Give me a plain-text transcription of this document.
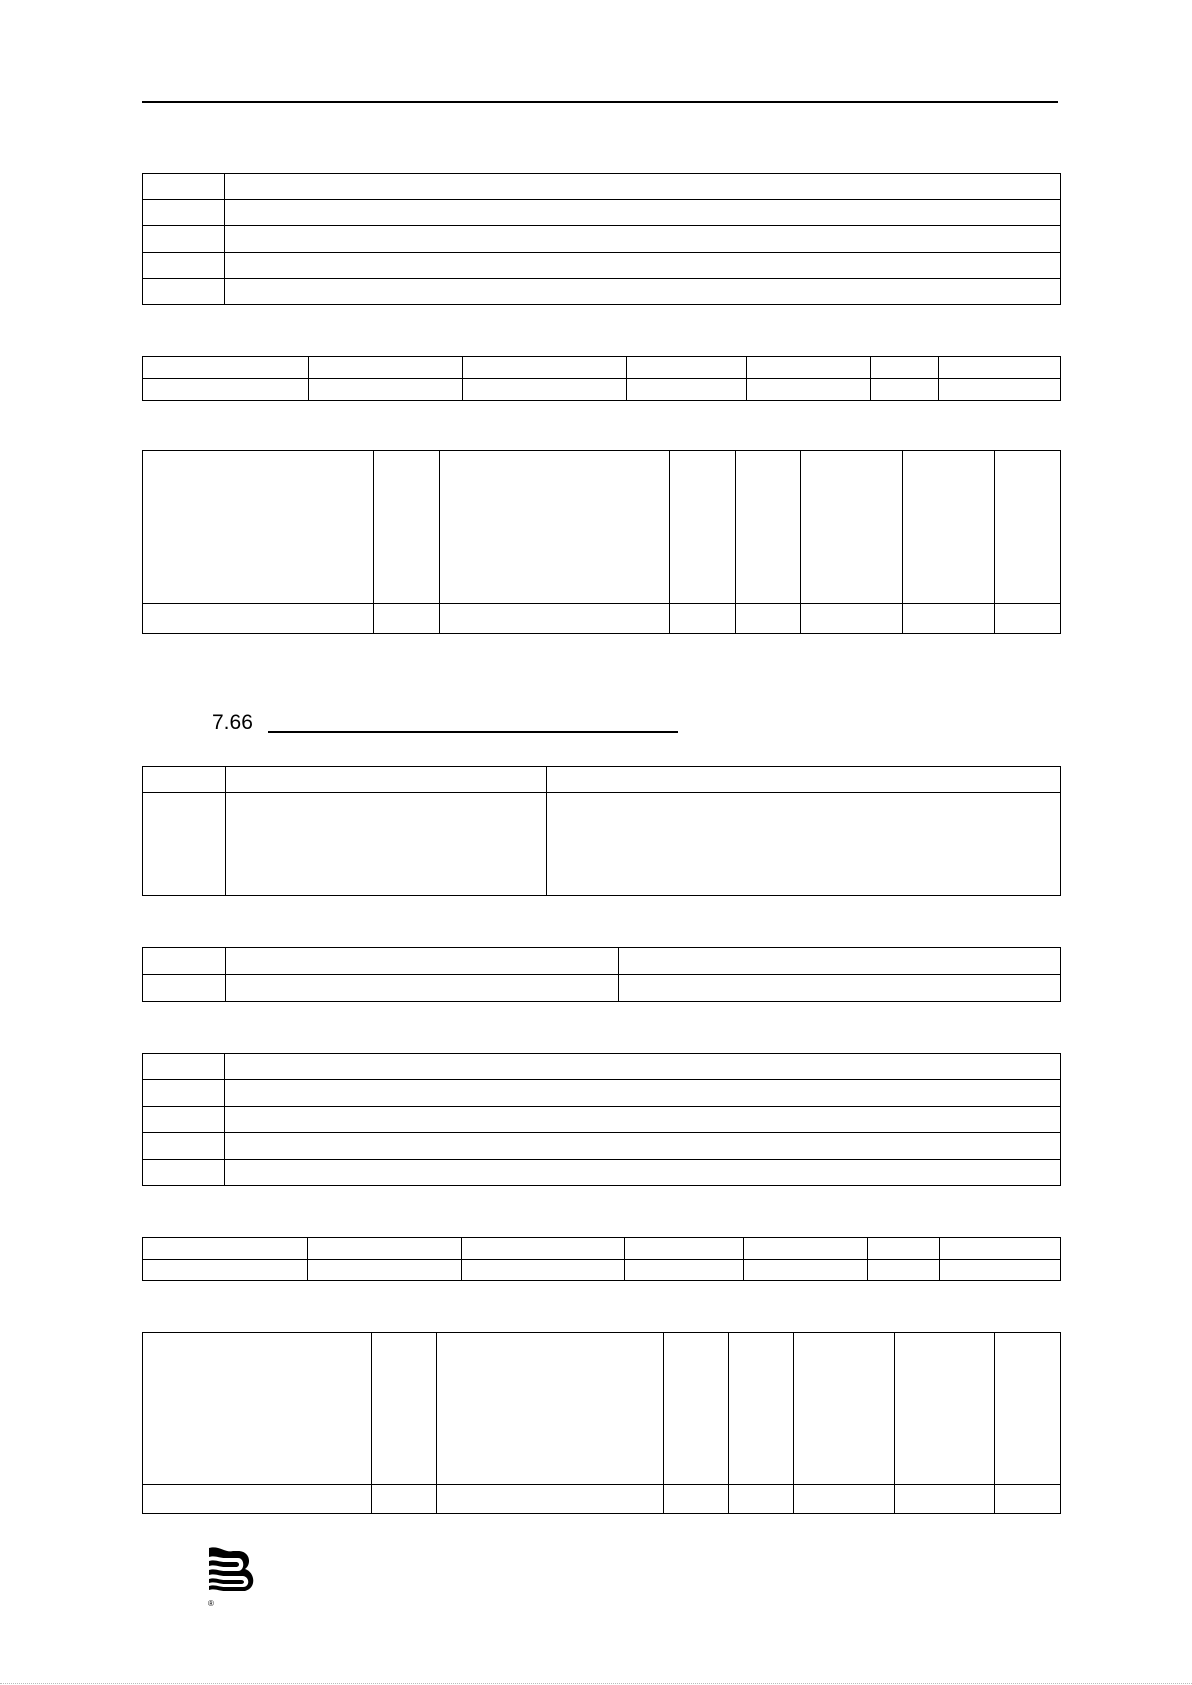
7.66

®
